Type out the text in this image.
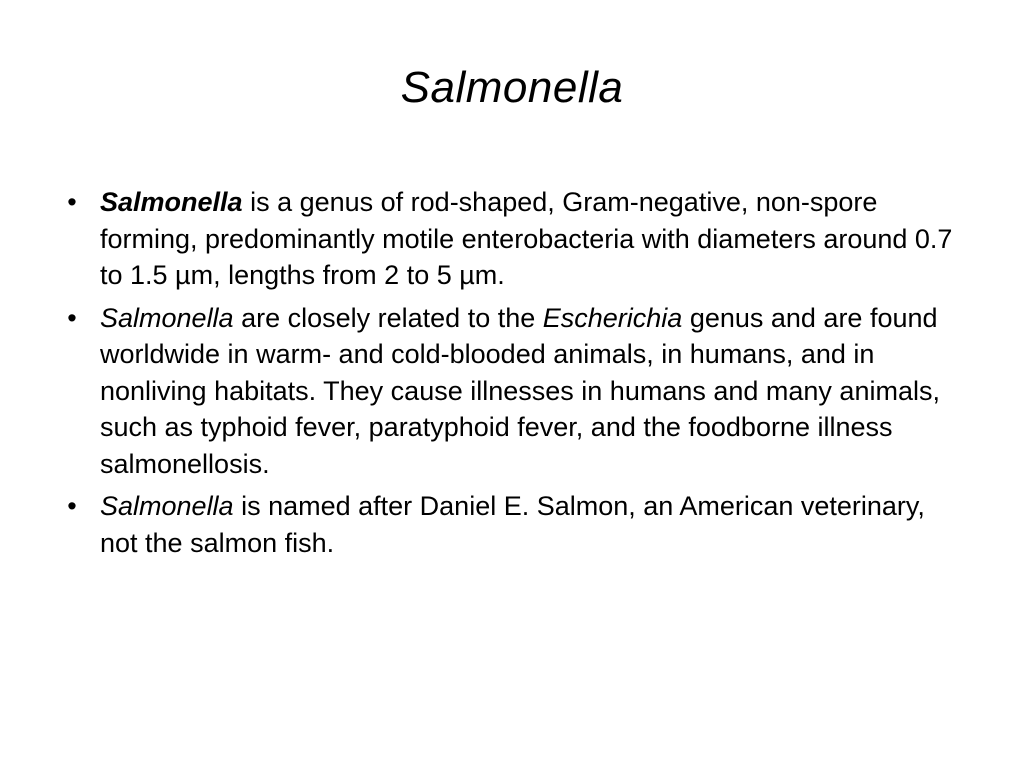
Salmonella
• Salmonella is a genus of rod-shaped, Gram-negative, non-spore forming, predominantly motile enterobacteria with diameters around 0.7 to 1.5 µm, lengths from 2 to 5 µm.
• Salmonella are closely related to the Escherichia genus and are found worldwide in warm- and cold-blooded animals, in humans, and in nonliving habitats. They cause illnesses in humans and many animals, such as typhoid fever, paratyphoid fever, and the foodborne illness salmonellosis.
• Salmonella is named after Daniel E. Salmon, an American veterinary, not the salmon fish.
